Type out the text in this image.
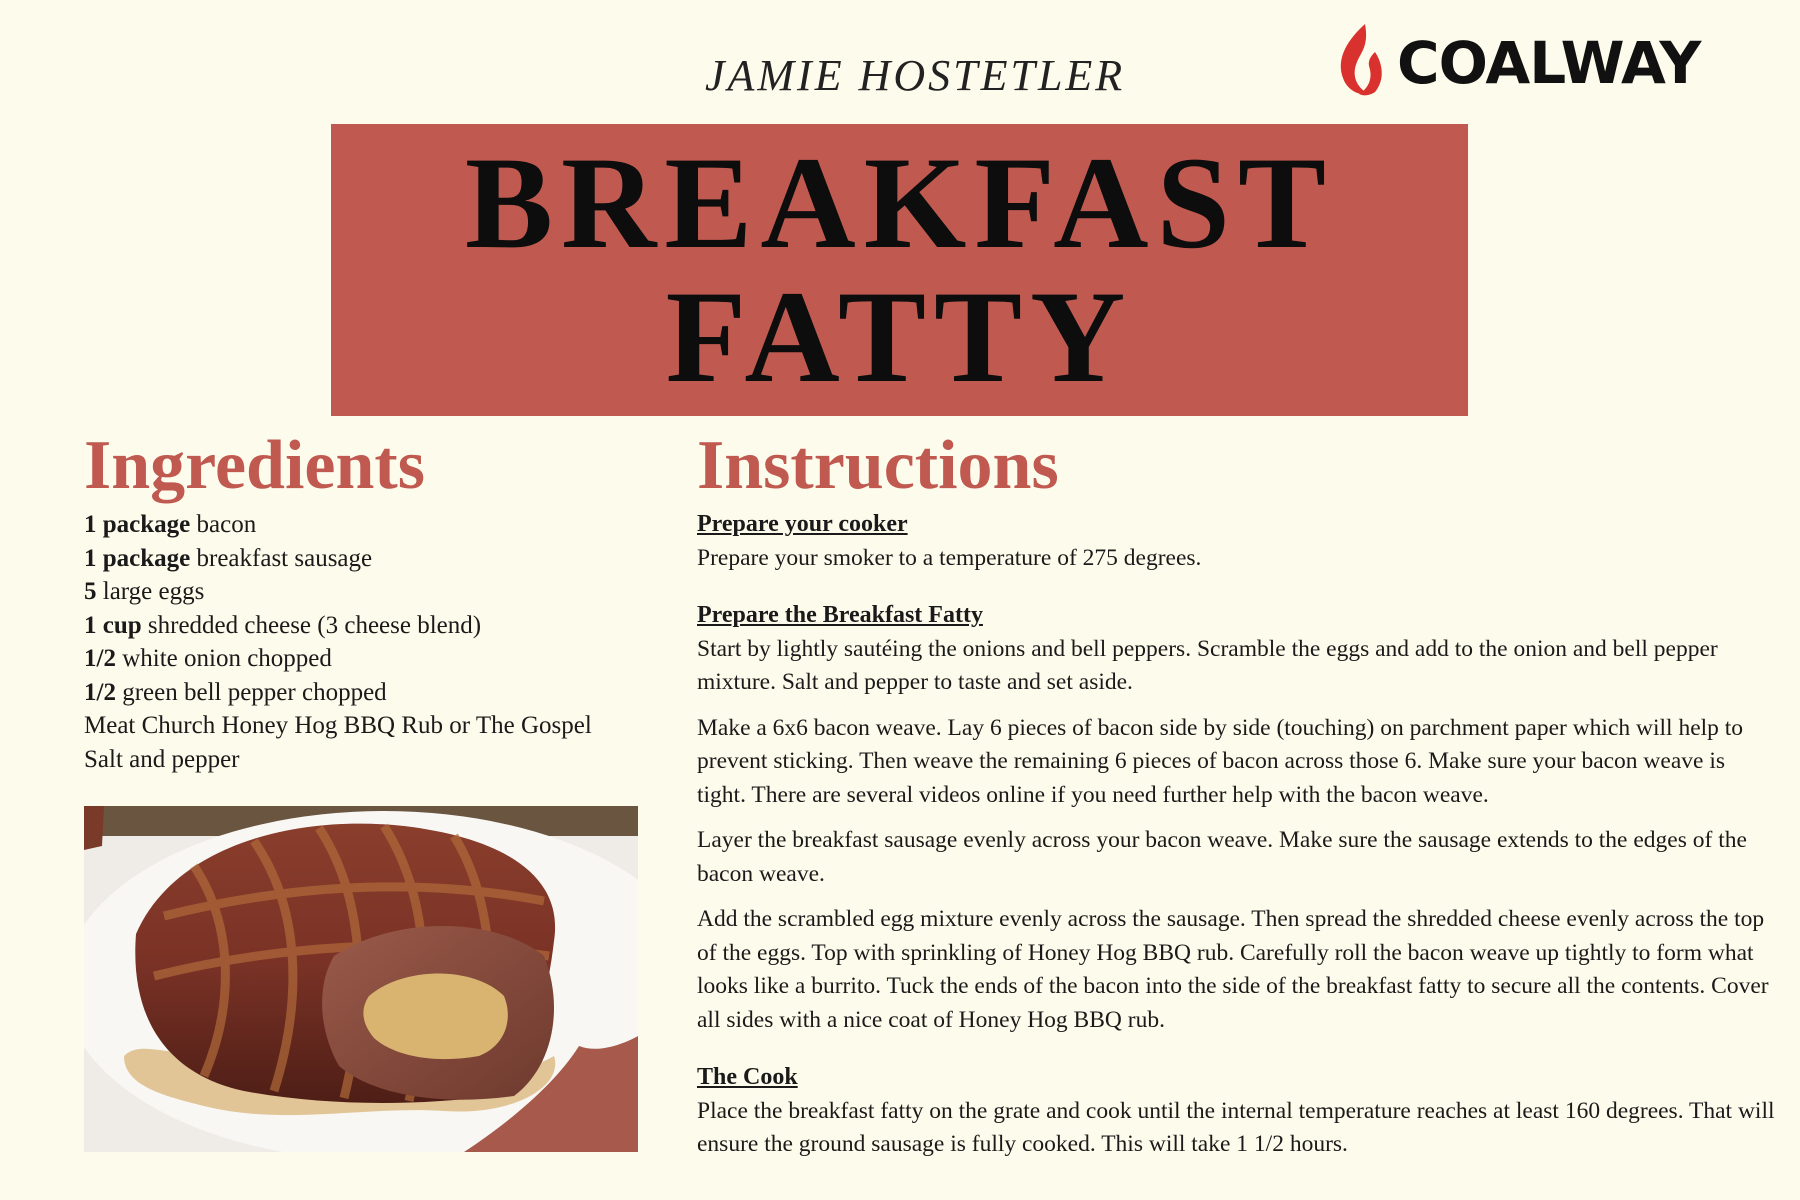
JAMIE HOSTETLER	COALWAY
BREAKFAST
FATTY
Ingredients
1 package bacon
1 package breakfast sausage
5 large eggs
1 cup shredded cheese (3 cheese blend)
1/2 white onion chopped
1/2 green bell pepper chopped
Meat Church Honey Hog BBQ Rub or The Gospel
Salt and pepper
Instructions
Prepare your cooker

Prepare your smoker to a temperature of 275 degrees.

Prepare the Breakfast Fatty

Start by lightly sautéing the onions and bell peppers. Scramble the eggs and add to the onion and bell pepper mixture. Salt and pepper to taste and set aside.

Make a 6x6 bacon weave. Lay 6 pieces of bacon side by side (touching) on parchment paper which will help to prevent sticking. Then weave the remaining 6 pieces of bacon across those 6. Make sure your bacon weave is tight. There are several videos online if you need further help with the bacon weave.

Layer the breakfast sausage evenly across your bacon weave. Make sure the sausage extends to the edges of the bacon weave.

Add the scrambled egg mixture evenly across the sausage. Then spread the shredded cheese evenly across the top of the eggs. Top with sprinkling of Honey Hog BBQ rub. Carefully roll the bacon weave up tightly to form what looks like a burrito. Tuck the ends of the bacon into the side of the breakfast fatty to secure all the contents. Cover all sides with a nice coat of Honey Hog BBQ rub.

The Cook

Place the breakfast fatty on the grate and cook until the internal temperature reaches at least 160 degrees. That will ensure the ground sausage is fully cooked. This will take 1 1/2 hours.
